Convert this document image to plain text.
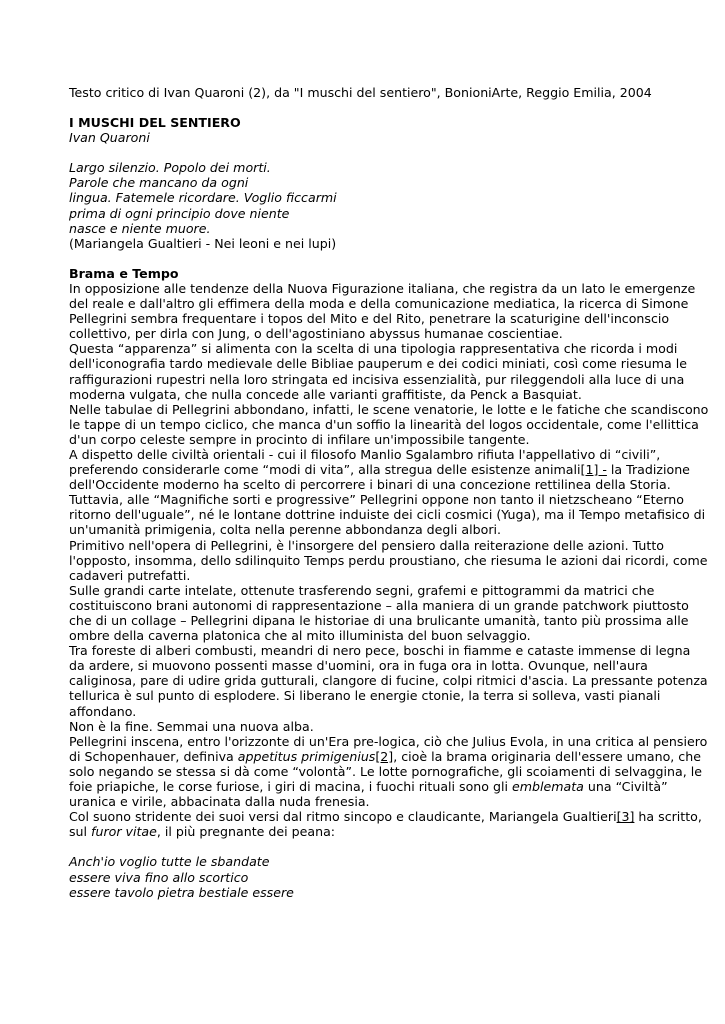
Testo critico di Ivan Quaroni (2), da "I muschi del sentiero", BonioniArte, Reggio Emilia, 2004

I MUSCHI DEL SENTIERO

Ivan Quaroni

Largo silenzio. Popolo dei morti.

Parole che mancano da ogni

lingua. Fatemele ricordare. Voglio ficcarmi

prima di ogni principio dove niente

nasce e niente muore.

(Mariangela Gualtieri - Nei leoni e nei lupi)

Brama e Tempo

In opposizione alle tendenze della Nuova Figurazione italiana, che registra da un lato le emergenze del reale e dall'altro gli effimera della moda e della comunicazione mediatica, la ricerca di Simone Pellegrini sembra frequentare i topos del Mito e del Rito, penetrare la scaturigine dell'inconscio collettivo, per dirla con Jung, o dell'agostiniano abyssus humanae coscientiae.

Questa “apparenza” si alimenta con la scelta di una tipologia rappresentativa che ricorda i modi dell'iconografia tardo medievale delle Bibliae pauperum e dei codici miniati, così come riesuma le raffigurazioni rupestri nella loro stringata ed incisiva essenzialità, pur rileggendoli alla luce di una moderna vulgata, che nulla concede alle varianti graffitiste, da Penck a Basquiat.

Nelle tabulae di Pellegrini abbondano, infatti, le scene venatorie, le lotte e le fatiche che scandiscono le tappe di un tempo ciclico, che manca d'un soffio la linearità del logos occidentale, come l'ellittica d'un corpo celeste sempre in procinto di infilare un'impossibile tangente.

A dispetto delle civiltà orientali - cui il filosofo Manlio Sgalambro rifiuta l'appellativo di “civili”, preferendo considerarle come “modi di vita”, alla stregua delle esistenze animali[1] - la Tradizione dell'Occidente moderno ha scelto di percorrere i binari di una concezione rettilinea della Storia.

Tuttavia, alle “Magnifiche sorti e progressive” Pellegrini oppone non tanto il nietzscheano “Eterno ritorno dell'uguale”, né le lontane dottrine induiste dei cicli cosmici (Yuga), ma il Tempo metafisico di un'umanità primigenia, colta nella perenne abbondanza degli albori.

Primitivo nell'opera di Pellegrini, è l'insorgere del pensiero dalla reiterazione delle azioni. Tutto l'opposto, insomma, dello sdilinquito Temps perdu proustiano, che riesuma le azioni dai ricordi, come cadaveri putrefatti.

Sulle grandi carte intelate, ottenute trasferendo segni, grafemi e pittogrammi da matrici che costituiscono brani autonomi di rappresentazione – alla maniera di un grande patchwork piuttosto che di un collage – Pellegrini dipana le historiae di una brulicante umanità, tanto più prossima alle ombre della caverna platonica che al mito illuminista del buon selvaggio.

Tra foreste di alberi combusti, meandri di nero pece, boschi in fiamme e cataste immense di legna da ardere, si muovono possenti masse d'uomini, ora in fuga ora in lotta. Ovunque, nell'aura caliginosa, pare di udire grida gutturali, clangore di fucine, colpi ritmici d'ascia. La pressante potenza tellurica è sul punto di esplodere. Si liberano le energie ctonie, la terra si solleva, vasti pianali affondano.

Non è la fine. Semmai una nuova alba.

Pellegrini inscena, entro l'orizzonte di un'Era pre-logica, ciò che Julius Evola, in una critica al pensiero di Schopenhauer, definiva appetitus primigenius[2], cioè la brama originaria dell'essere umano, che solo negando se stessa si dà come “volontà”. Le lotte pornografiche, gli scoiamenti di selvaggina, le foie priapiche, le corse furiose, i giri di macina, i fuochi rituali sono gli emblemata una “Civiltà” uranica e virile, abbacinata dalla nuda frenesia.

Col suono stridente dei suoi versi dal ritmo sincopo e claudicante, Mariangela Gualtieri[3] ha scritto, sul furor vitae, il più pregnante dei peana:

Anch'io voglio tutte le sbandate

essere viva fino allo scortico

essere tavolo pietra bestiale essere
